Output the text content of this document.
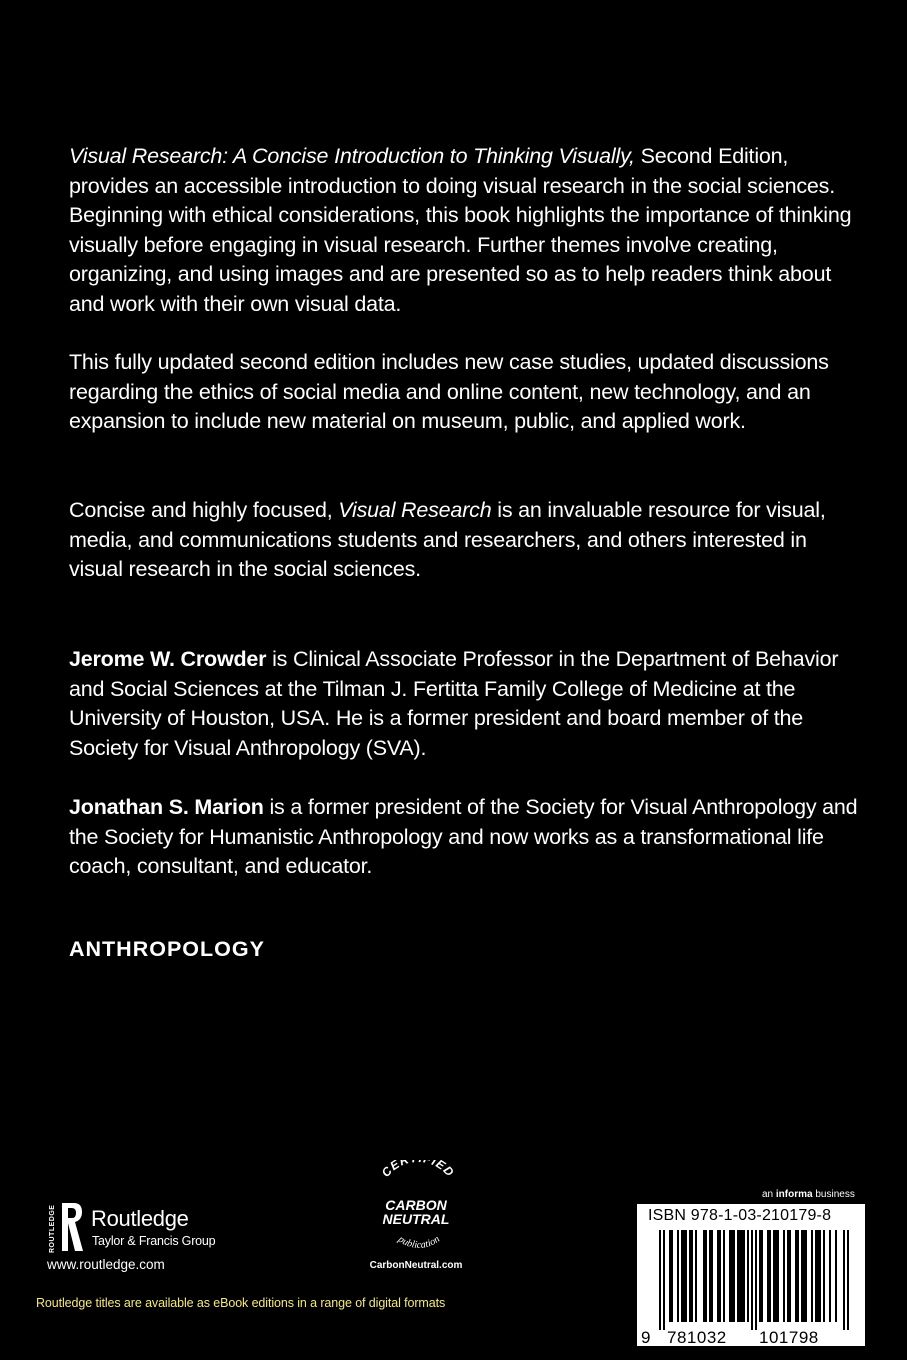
Visual Research: A Concise Introduction to Thinking Visually, Second Edition, provides an accessible introduction to doing visual research in the social sciences. Beginning with ethical considerations, this book highlights the importance of thinking visually before engaging in visual research. Further themes involve creating, organizing, and using images and are presented so as to help readers think about and work with their own visual data.

This fully updated second edition includes new case studies, updated discussions regarding the ethics of social media and online content, new technology, and an expansion to include new material on museum, public, and applied work.

Concise and highly focused, Visual Research is an invaluable resource for visual, media, and communications students and researchers, and others interested in visual research in the social sciences.

Jerome W. Crowder is Clinical Associate Professor in the Department of Behavior and Social Sciences at the Tilman J. Fertitta Family College of Medicine at the University of Houston, USA. He is a former president and board member of the Society for Visual Anthropology (SVA).

Jonathan S. Marion is a former president of the Society for Visual Anthropology and the Society for Humanistic Anthropology and now works as a transformational life coach, consultant, and educator.

ANTHROPOLOGY
ROUTLEDGE Routledge
Taylor & Francis Group
www.routledge.com
Routledge titles are available as eBook editions in a range of digital formats
CER IED
CARBON
NEUTRAL
publication
CarbonNeutral.com
an informa business
ISBN 978-1-03-210179-8
9 781032 101798
